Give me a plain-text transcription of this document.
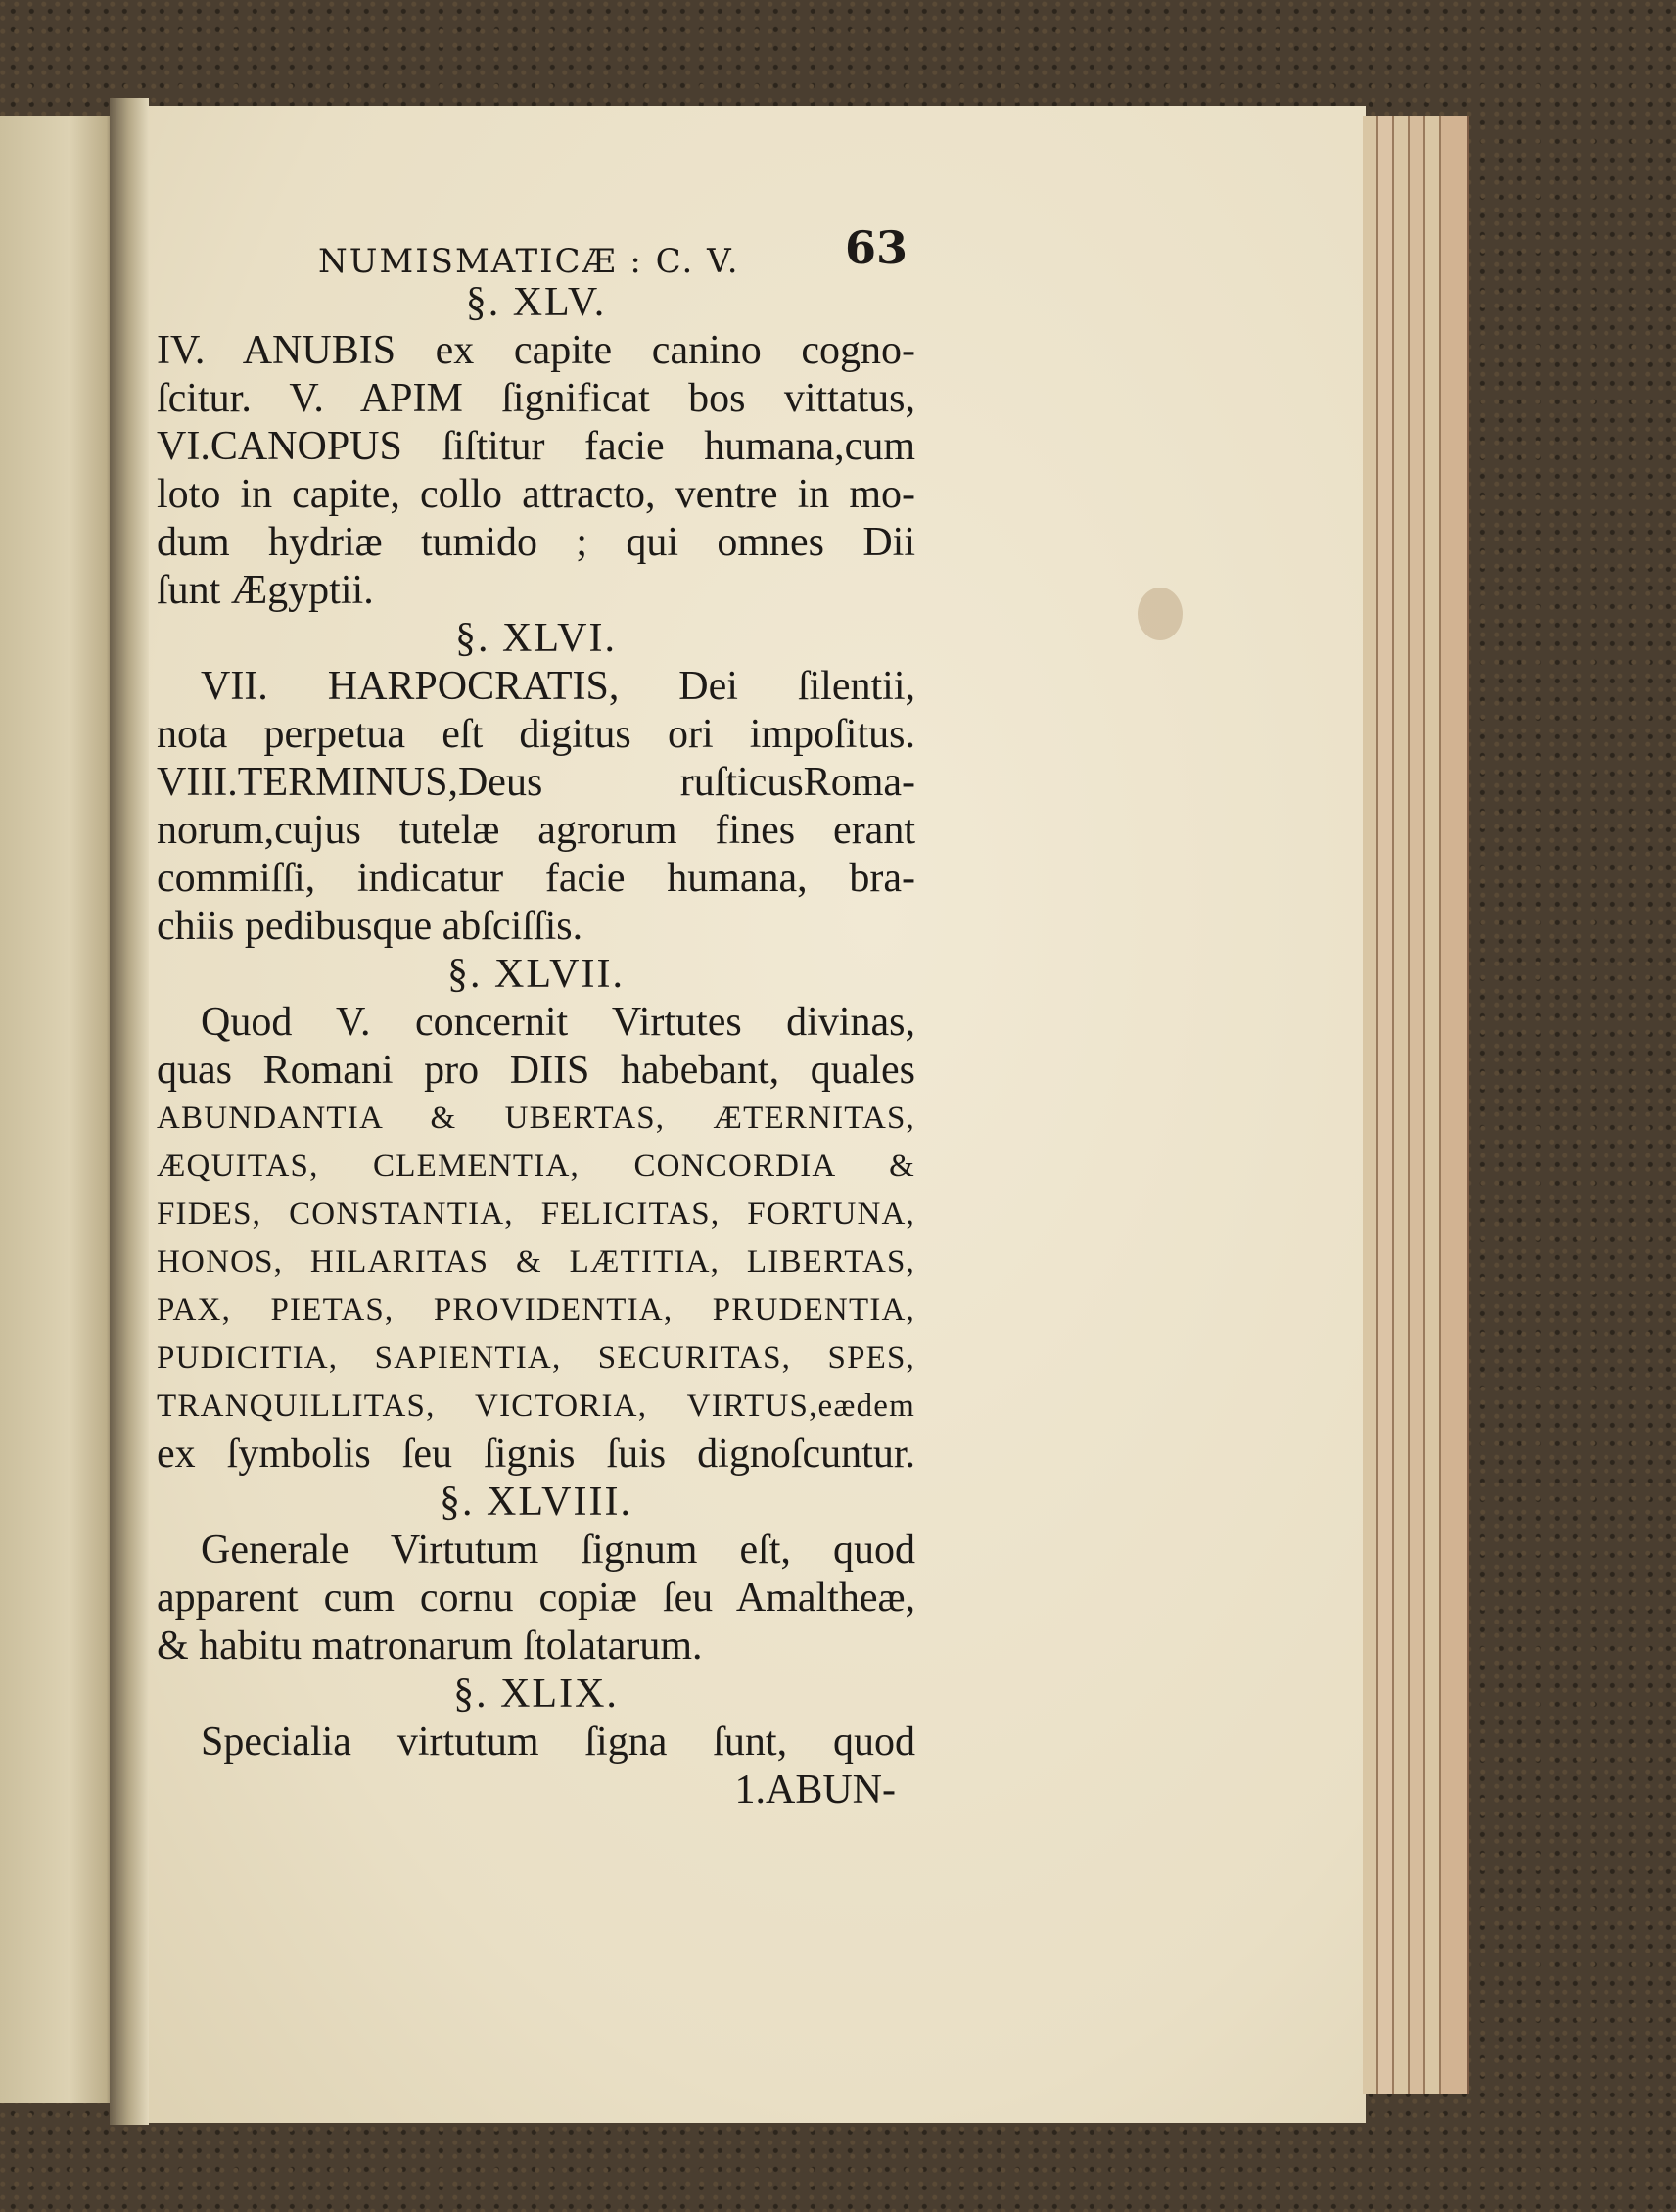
NUMISMATICÆ : C. V. 63

§. XLV.

IV. ANUBIS ex capite canino cogno-
ſcitur. V. APIM ſignificat bos vittatus,
VI.CANOPUS ſiſtitur facie humana,cum
loto in capite, collo attracto, ventre in mo-
dum hydriæ tumido ; qui omnes Dii
ſunt Ægyptii.

§. XLVI.

VII. HARPOCRATIS, Dei ſilentii,
nota perpetua eſt digitus ori impoſitus.
VIII.TERMINUS,Deus ruſticusRoma-
norum,cujus tutelæ agrorum fines erant
commiſſi, indicatur facie humana, bra-
chiis pedibusque abſciſſis.

§. XLVII.

Quod V. concernit Virtutes divinas,
quas Romani pro DIIS habebant, quales
ABUNDANTIA & UBERTAS, ÆTERNITAS,
ÆQUITAS, CLEMENTIA, CONCORDIA &
FIDES, CONSTANTIA, FELICITAS, FORTUNA,
HONOS, HILARITAS & LÆTITIA, LIBERTAS,
PAX, PIETAS, PROVIDENTIA, PRUDENTIA,
PUDICITIA, SAPIENTIA, SECURITAS, SPES,
TRANQUILLITAS, VICTORIA, VIRTUS,eædem
ex ſymbolis ſeu ſignis ſuis dignoſcuntur.

§. XLVIII.

Generale Virtutum ſignum eſt, quod
apparent cum cornu copiæ ſeu Amaltheæ,
& habitu matronarum ſtolatarum.

§. XLIX.

Specialia virtutum ſigna ſunt, quod
1.ABUN-
